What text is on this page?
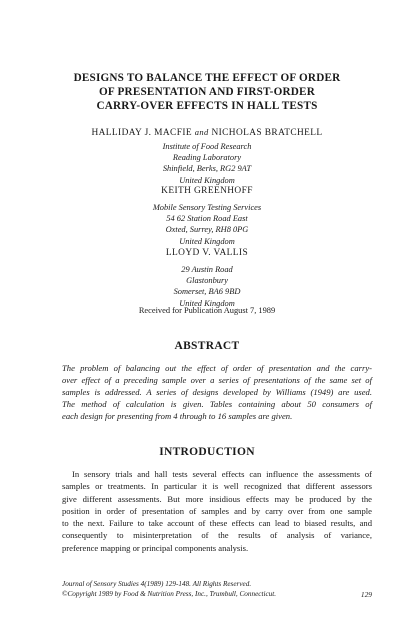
DESIGNS TO BALANCE THE EFFECT OF ORDER
OF PRESENTATION AND FIRST-ORDER
CARRY-OVER EFFECTS IN HALL TESTS
HALLIDAY J. MACFIE and NICHOLAS BRATCHELL
Institute of Food Research
Reading Laboratory
Shinfield, Berks, RG2 9AT
United Kingdom
KEITH GREENHOFF
Mobile Sensory Testing Services
54 62 Station Road East
Oxted, Surrey, RH8 0PG
United Kingdom
LLOYD V. VALLIS
29 Austin Road
Glastonbury
Somerset, BA6 9BD
United Kingdom
Received for Publication August 7, 1989
ABSTRACT
The problem of balancing out the effect of order of presentation and the carry-
over effect of a preceding sample over a series of presentations of the same set of
samples is addressed. A series of designs developed by Williams (1949) are used.
The method of calculation is given. Tables containing about 50 consumers of
each design for presenting from 4 through to 16 samples are given.
INTRODUCTION
In sensory trials and hall tests several effects can influence the assessments of
samples or treatments. In particular it is well recognized that different assessors
give different assessments. But more insidious effects may be produced by the
position in order of presentation of samples and by carry over from one sample
to the next. Failure to take account of these effects can lead to biased results, and
consequently to misinterpretation of the results of analysis of variance,
preference mapping or principal components analysis.
Journal of Sensory Studies 4(1989) 129-148. All Rights Reserved.
©Copyright 1989 by Food & Nutrition Press, Inc., Trumbull, Connecticut.	129
